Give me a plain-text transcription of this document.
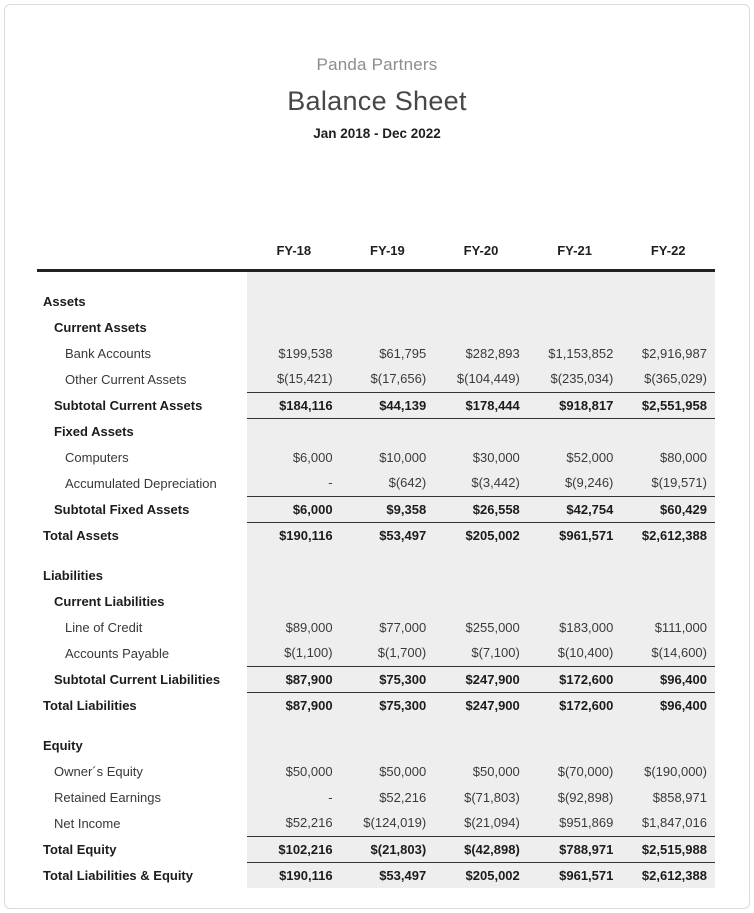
Panda Partners
Balance Sheet
Jan 2018 - Dec 2022
	FY-18	FY-19	FY-20	FY-21	FY-22

Assets					
Current Assets					
Bank Accounts	$199,538	$61,795	$282,893	$1,153,852	$2,916,987
Other Current Assets	$(15,421)	$(17,656)	$(104,449)	$(235,034)	$(365,029)
Subtotal Current Assets	$184,116	$44,139	$178,444	$918,817	$2,551,958
Fixed Assets					
Computers	$6,000	$10,000	$30,000	$52,000	$80,000
Accumulated Depreciation	-	$(642)	$(3,442)	$(9,246)	$(19,571)
Subtotal Fixed Assets	$6,000	$9,358	$26,558	$42,754	$60,429
Total Assets	$190,116	$53,497	$205,002	$961,571	$2,612,388

Liabilities					
Current Liabilities					
Line of Credit	$89,000	$77,000	$255,000	$183,000	$111,000
Accounts Payable	$(1,100)	$(1,700)	$(7,100)	$(10,400)	$(14,600)
Subtotal Current Liabilities	$87,900	$75,300	$247,900	$172,600	$96,400
Total Liabilities	$87,900	$75,300	$247,900	$172,600	$96,400

Equity					
Owner´s Equity	$50,000	$50,000	$50,000	$(70,000)	$(190,000)
Retained Earnings	-	$52,216	$(71,803)	$(92,898)	$858,971
Net Income	$52,216	$(124,019)	$(21,094)	$951,869	$1,847,016
Total Equity	$102,216	$(21,803)	$(42,898)	$788,971	$2,515,988
Total Liabilities & Equity	$190,116	$53,497	$205,002	$961,571	$2,612,388
